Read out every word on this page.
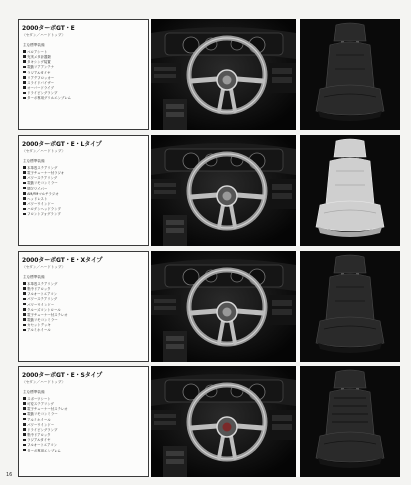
2000ターボGT・E
〈セダン／ハードトップ〉
主な標準装備
ベロアシート
充実メタ計器類
タキシング装置
電動リアアンテナ
ラジアルタイヤ
リアデフロッカー
スライドバイザー
オーバードライブ
ドライビングランプ
ターボ専用グリルエンブレム
2000ターボGT・E・Lタイプ
〈セダン／ハードトップ〉
主な標準装備
本革巻ステアリング
電子チューナー付ラジオ
パワーステアリング
電動リモコンミラー
間欠ワイパー
AM/FMマルチラジオ
ヘッドレスト
パワーウインドー
ハロゲンヘッドランプ
フロントフォグランプ
2000ターボGT・E・Xタイプ
〈セダン／ハードトップ〉
主な標準装備
本革巻ステアリング
集中ドアロック
フルオートエアコン
パワーステアリング
パワーウインドー
クルーズコントロール
電子チューナー付ステレオ
電動リモコンミラー
カセットデッキ
アルミホイール
2000ターボGT・E・Sタイプ
〈セダン／ハードトップ〉
主な標準装備
スポーツシート
可変ステアリング
電子チューナー付ステレオ
電動リモコンミラー
アルミホイール
パワーウインドー
ドライビングランプ
集中ドアロック
ラジアルタイヤ
フルオートエアコン
ターボ専用エンブレム
16
